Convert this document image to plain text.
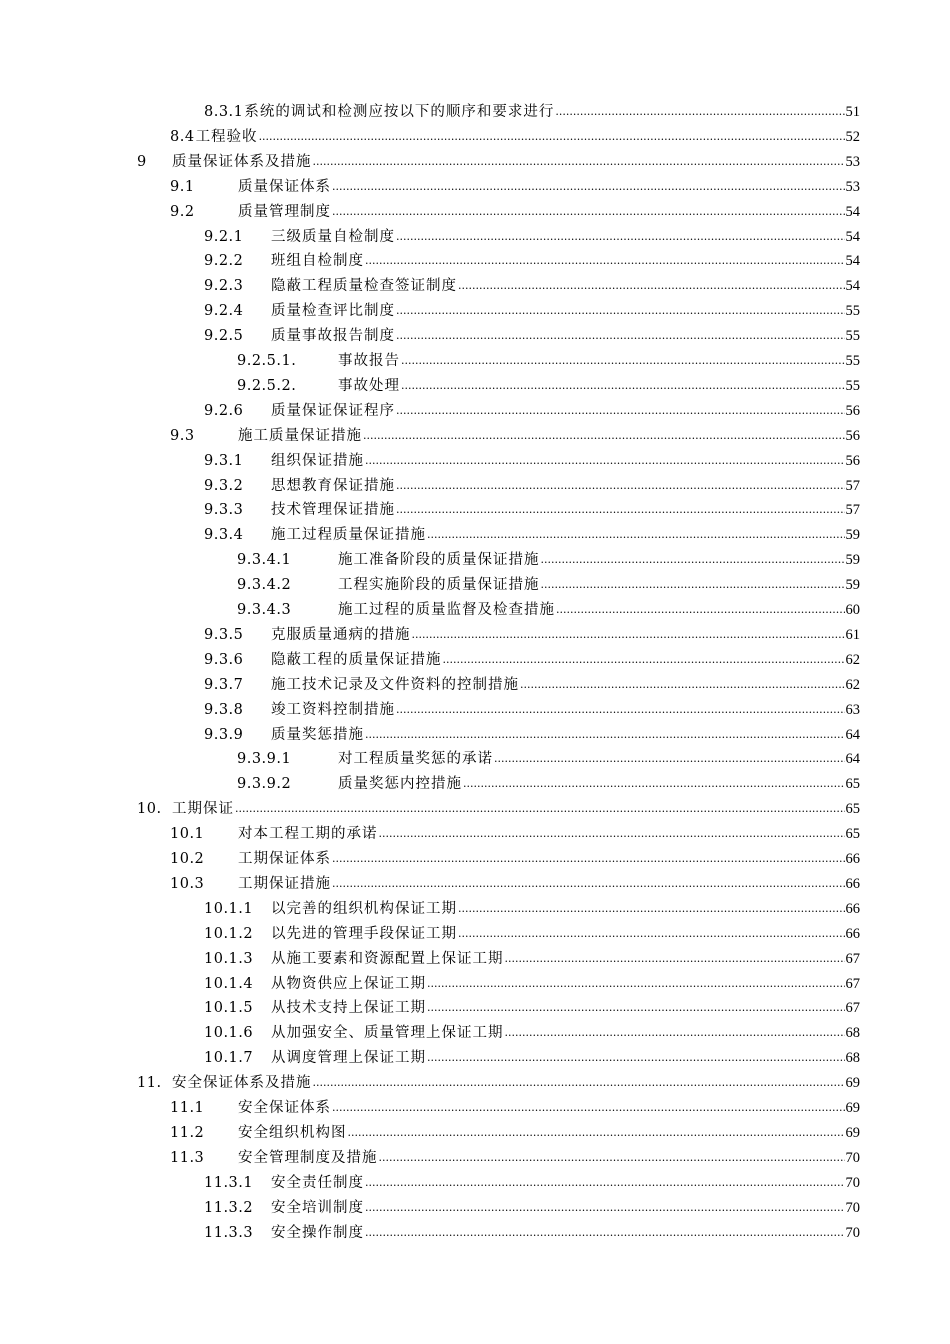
8.3.1 系统的调试和检测应按以下的顺序和要求进行 .....	51
8.4 工程验收 .....	52
9	质量保证体系及措施 .....	53
9.1	质量保证体系 .....	53
9.2	质量管理制度 .....	54
9.2.1	三级质量自检制度 .....	54
9.2.2	班组自检制度 .....	54
9.2.3	隐蔽工程质量检查签证制度 .....	54
9.2.4	质量检查评比制度 .....	55
9.2.5	质量事故报告制度 .....	55
9.2.5.1.	事故报告 .....	55
9.2.5.2.	事故处理 .....	55
9.2.6	质量保证保证程序 .....	56
9.3	施工质量保证措施 .....	56
9.3.1	组织保证措施 .....	56
9.3.2	思想教育保证措施 .....	57
9.3.3	技术管理保证措施 .....	57
9.3.4	施工过程质量保证措施 .....	59
9.3.4.1	施工准备阶段的质量保证措施 .....	59
9.3.4.2	工程实施阶段的质量保证措施 .....	59
9.3.4.3	施工过程的质量监督及检查措施 .....	60
9.3.5	克服质量通病的措施 .....	61
9.3.6	隐蔽工程的质量保证措施 .....	62
9.3.7	施工技术记录及文件资料的控制措施 .....	62
9.3.8	竣工资料控制措施 .....	63
9.3.9	质量奖惩措施 .....	64
9.3.9.1	对工程质量奖惩的承诺 .....	64
9.3.9.2	质量奖惩内控措施 .....	65
10. 工期保证 .....	65
10.1	对本工程工期的承诺 .....	65
10.2	工期保证体系 .....	66
10.3	工期保证措施 .....	66
10.1.1	以完善的组织机构保证工期 .....	66
10.1.2	以先进的管理手段保证工期 .....	66
10.1.3	从施工要素和资源配置上保证工期 .....	67
10.1.4	从物资供应上保证工期 .....	67
10.1.5	从技术支持上保证工期 .....	67
10.1.6	从加强安全、质量管理上保证工期 .....	68
10.1.7	从调度管理上保证工期 .....	68
11. 安全保证体系及措施 .....	69
11.1	安全保证体系 .....	69
11.2	安全组织机构图 .....	69
11.3	安全管理制度及措施 .....	70
11.3.1	安全责任制度 .....	70
11.3.2	安全培训制度 .....	70
11.3.3	安全操作制度 .....	70
